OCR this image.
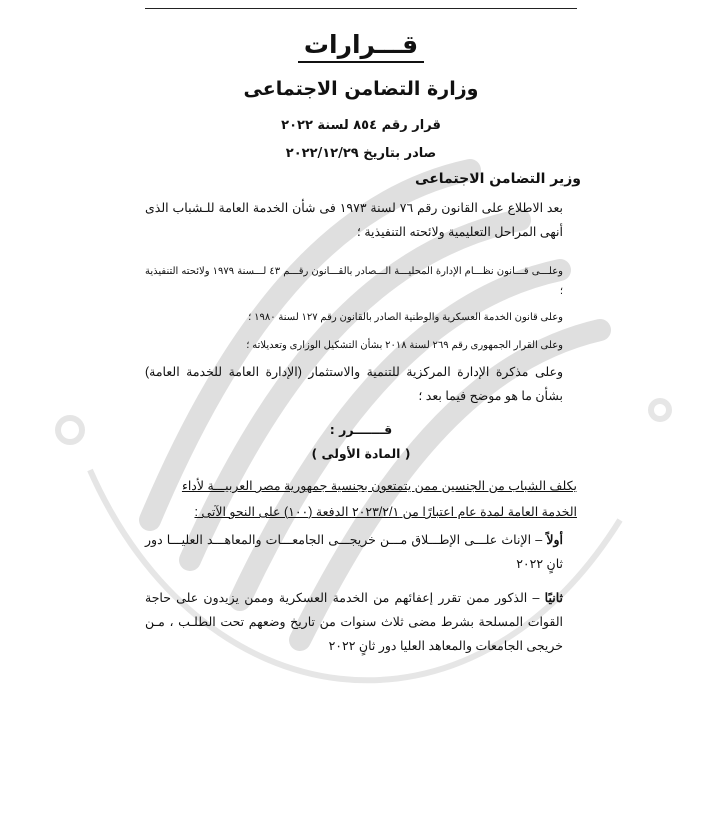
قـــرارات
وزارة التضامن الاجتماعى
قرار رقم ٨٥٤ لسنة ٢٠٢٢
صادر بتاريخ ٢٠٢٢/١٢/٢٩
وزير التضامن الاجتماعى
بعد الاطلاع على القانون رقم ٧٦ لسنة ١٩٧٣ فى شأن الخدمة العامة للـشباب الذى أنهى المراحل التعليمية ولائحته التنفيذية ؛
وعلـــى قـــانون نظـــام الإدارة المحليـــة الـــصادر بالقـــانون رقـــم ٤٣ لـــسنة ١٩٧٩ ولائحته التنفيذية ؛
وعلى قانون الخدمة العسكرية والوطنية الصادر بالقانون رقم ١٢٧ لسنة ١٩٨٠ ؛
وعلى القرار الجمهورى رقم ٢٦٩ لسنة ٢٠١٨ بشأن التشكيل الوزارى وتعديلاته ؛
وعلى مذكرة الإدارة المركزية للتنمية والاستثمار (الإدارة العامة للخدمة العامة) بشأن ما هو موضح فيما بعد ؛
قـــــــرر :
( المادة الأولى )
يكلف الشباب من الجنسين ممن يتمتعون بجنسية جمهورية مصر العربيـــة لأداء
الخدمة العامة لمدة عام اعتبارًا من ٢٠٢٣/٢/١ الدفعة (١٠٠) على النحو الآتى :
أولاً – الإناث علـــى الإطـــلاق مـــن خريجـــى الجامعـــات والمعاهـــد العليـــا دور ثانٍ ٢٠٢٢
ثانيًا – الذكور ممن تقرر إعفائهم من الخدمة العسكرية وممن يزيدون على حاجة القوات المسلحة بشرط مضى ثلاث سنوات من تاريخ وضعهم تحت الطلـب ، مـن خريجى الجامعات والمعاهد العليا دور ثانٍ ٢٠٢٢
